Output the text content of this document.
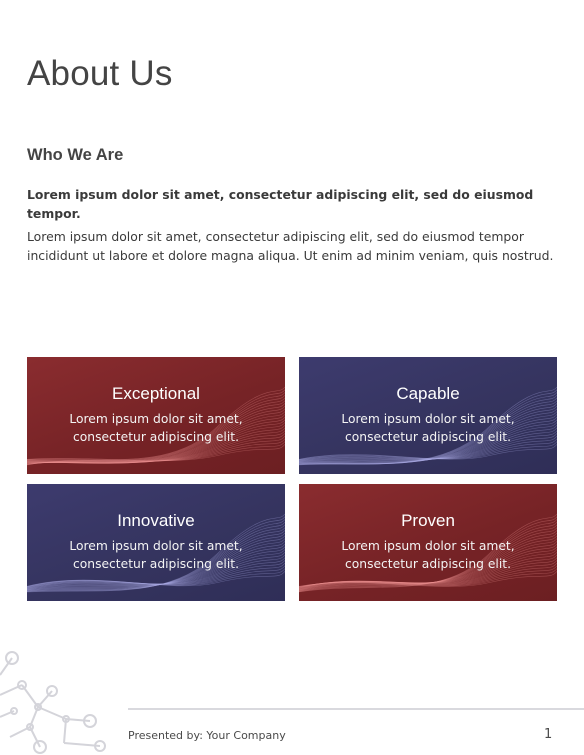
About Us
Who We Are

Lorem ipsum dolor sit amet, consectetur adipiscing elit, sed do eiusmod tempor.

Lorem ipsum dolor sit amet, consectetur adipiscing elit, sed do eiusmod tempor incididunt ut labore et dolore magna aliqua. Ut enim ad minim veniam, quis nostrud.

Exceptional
Lorem ipsum dolor sit amet, consectetur adipiscing elit.
Capable
Lorem ipsum dolor sit amet, consectetur adipiscing elit.
Innovative
Lorem ipsum dolor sit amet, consectetur adipiscing elit.
Proven
Lorem ipsum dolor sit amet, consectetur adipiscing elit.
Presented by: Your Company	1
